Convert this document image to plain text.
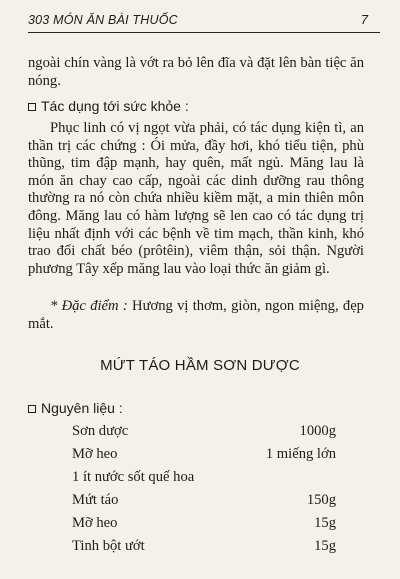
303 MÓN ĂN BÀI THUỐC	7
ngoài chín vàng là vớt ra bỏ lên đĩa và đặt lên bàn tiệc ăn nóng.
Tác dụng tới sức khỏe :
Phục linh có vị ngọt vừa phải, có tác dụng kiện tì, an thần trị các chứng : Ói mửa, đầy hơi, khó tiểu tiện, phù thũng, tim đập mạnh, hay quên, mất ngủ. Măng lau là món ăn chay cao cấp, ngoài các dinh dưỡng rau thông thường ra nó còn chứa nhiều kiềm mặt, a min thiên môn đông. Măng lau có hàm lượng sẽ len cao có tác dụng trị liệu nhất định với các bệnh về tim mạch, thần kinh, khó trao đổi chất béo (prôtêin), viêm thận, sỏi thận. Người phương Tây xếp măng lau vào loại thức ăn giảm gì.
* Đặc điểm : Hương vị thơm, giòn, ngon miệng, đẹp mắt.
MỨT TÁO HẦM SƠN DƯỢC
Nguyên liệu :
Sơn dược	1000g
Mỡ heo	1 miếng lớn
1 ít nước sốt quế hoa
Mứt táo	150g
Mỡ heo	15g
Tinh bột ướt	15g
